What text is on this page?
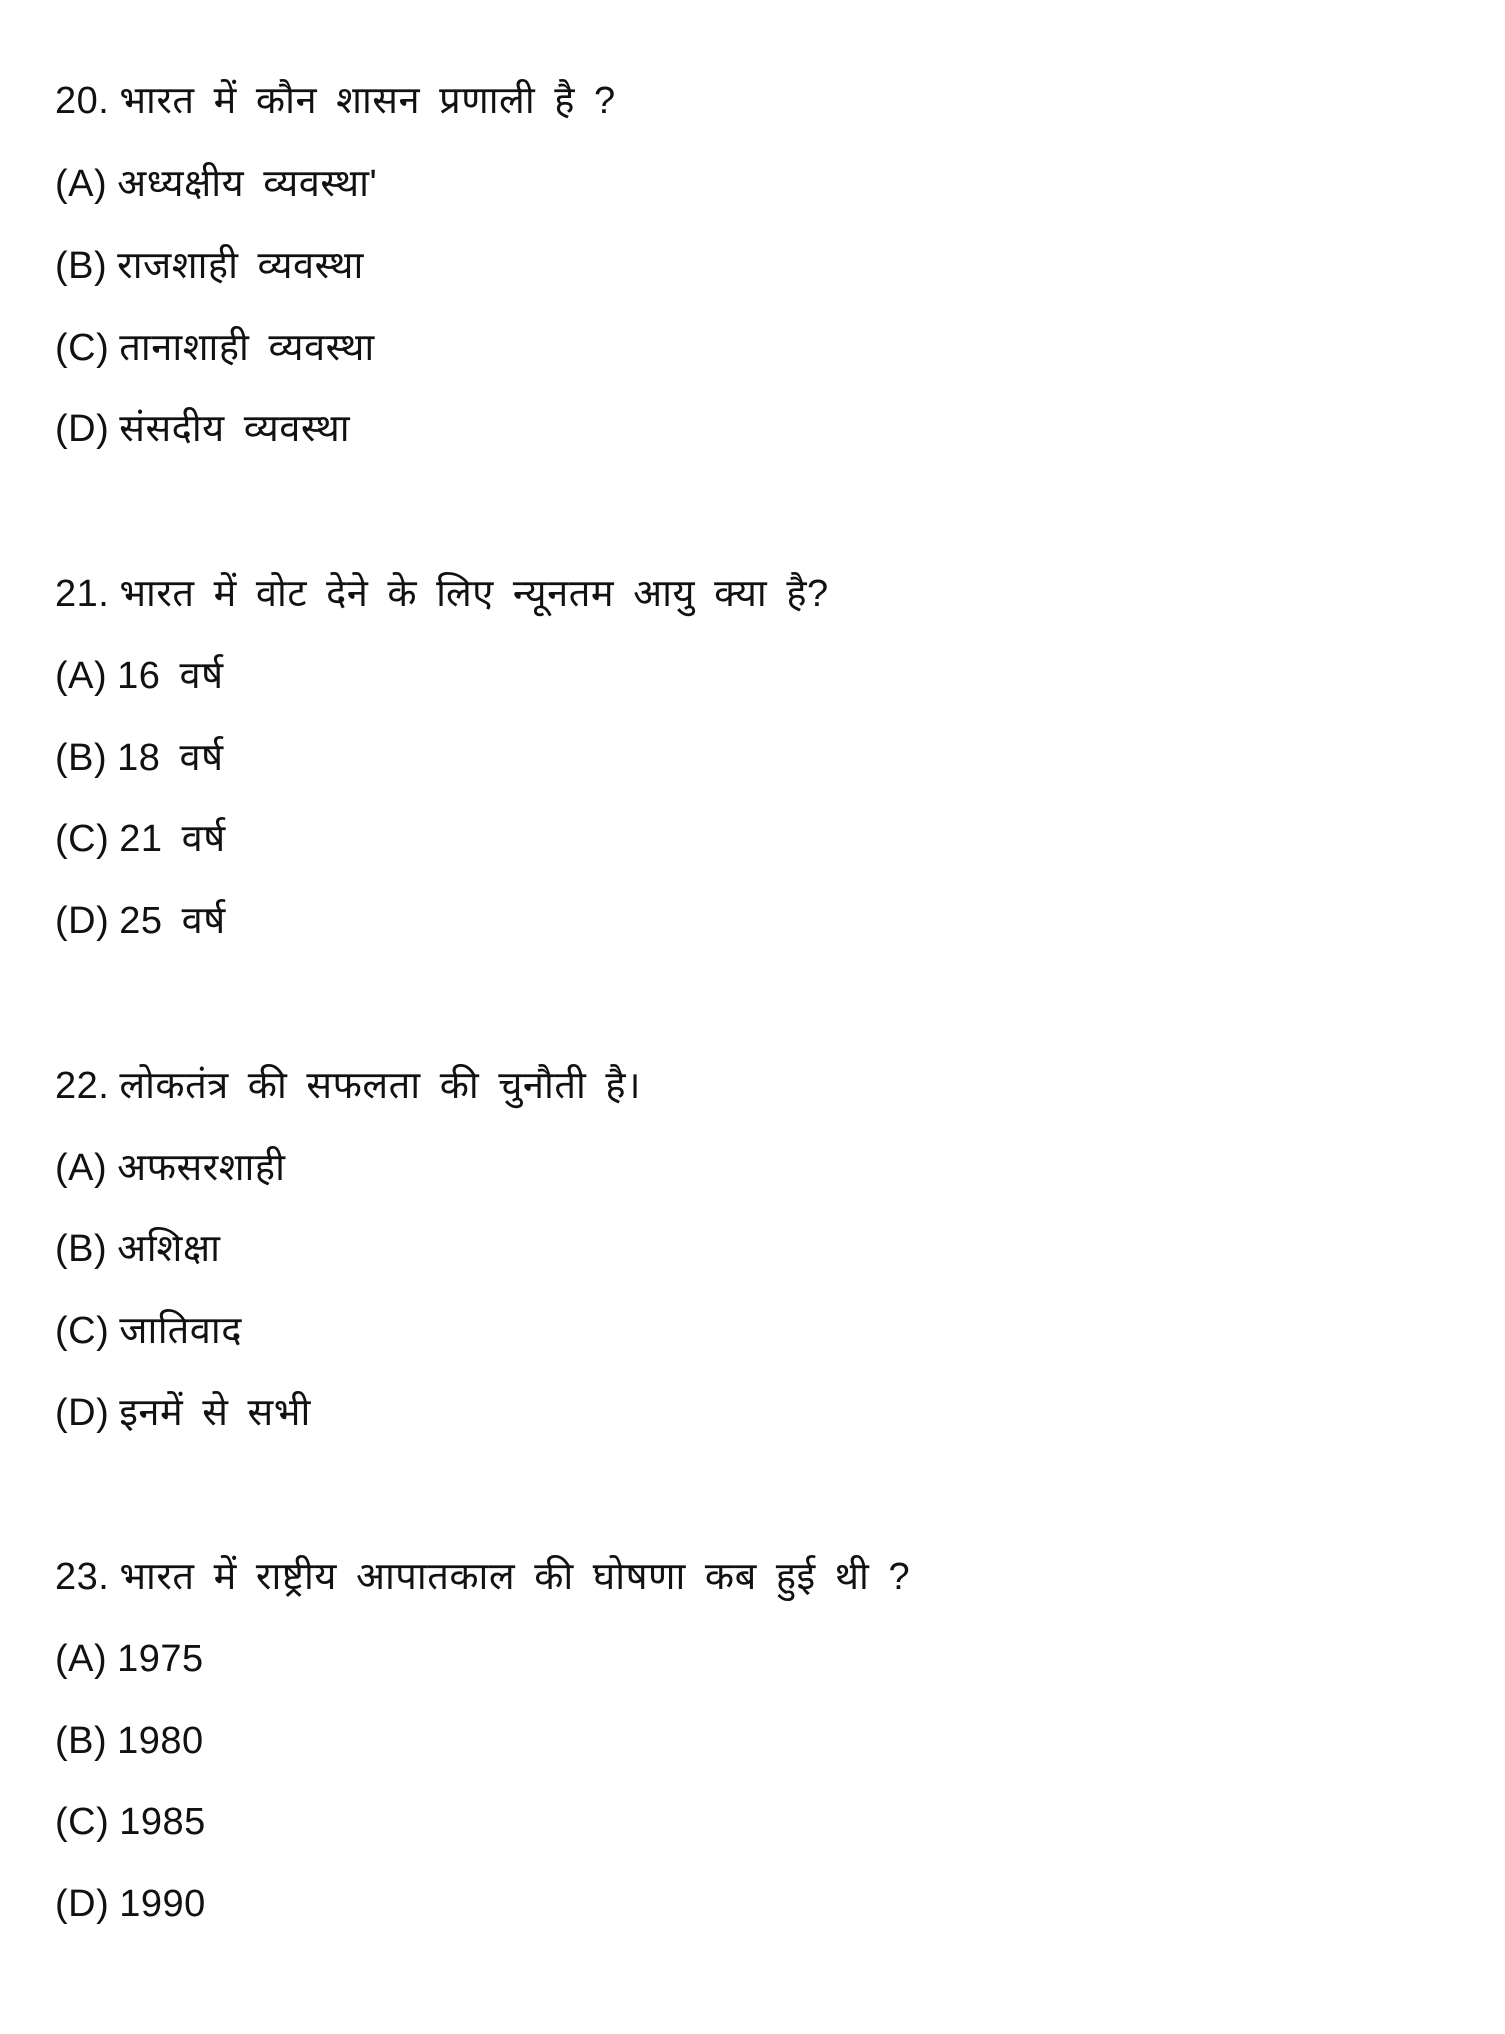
20. भारत में कौन शासन प्रणाली है ?
(A) अध्यक्षीय व्यवस्था'
(B) राजशाही व्यवस्था
(C) तानाशाही व्यवस्था
(D) संसदीय व्यवस्था
21. भारत में वोट देने के लिए न्यूनतम आयु क्या है?
(A) 16 वर्ष
(B) 18 वर्ष
(C) 21 वर्ष
(D) 25 वर्ष
22. लोकतंत्र की सफलता की चुनौती है।
(A) अफसरशाही
(B) अशिक्षा
(C) जातिवाद
(D) इनमें से सभी
23. भारत में राष्ट्रीय आपातकाल की घोषणा कब हुई थी ?
(A) 1975
(B) 1980
(C) 1985
(D) 1990
